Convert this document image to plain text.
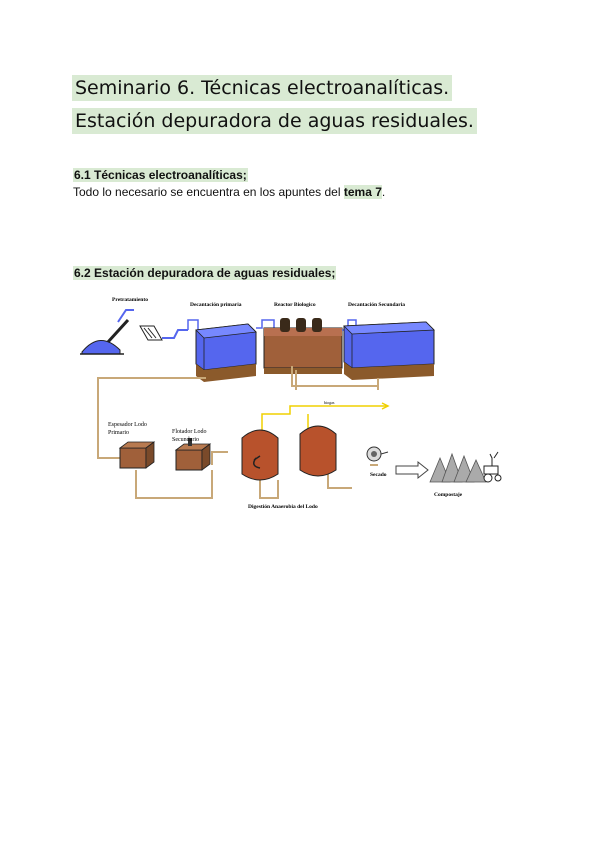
Seminario 6. Técnicas electroanalíticas.
Estación depuradora de aguas residuales.
6.1 Técnicas electroanalíticas;
Todo lo necesario se encuentra en los apuntes del tema 7.
6.2 Estación depuradora de aguas residuales;
Pretratamiento
Decantación primaria	Reactor Biologico	Decantación Secundaria
Espesador Lodo
Primario	Flotador Lodo
Secundario
biogas
Digestión Anaerobia del Lodo
Secado
Compostaje
